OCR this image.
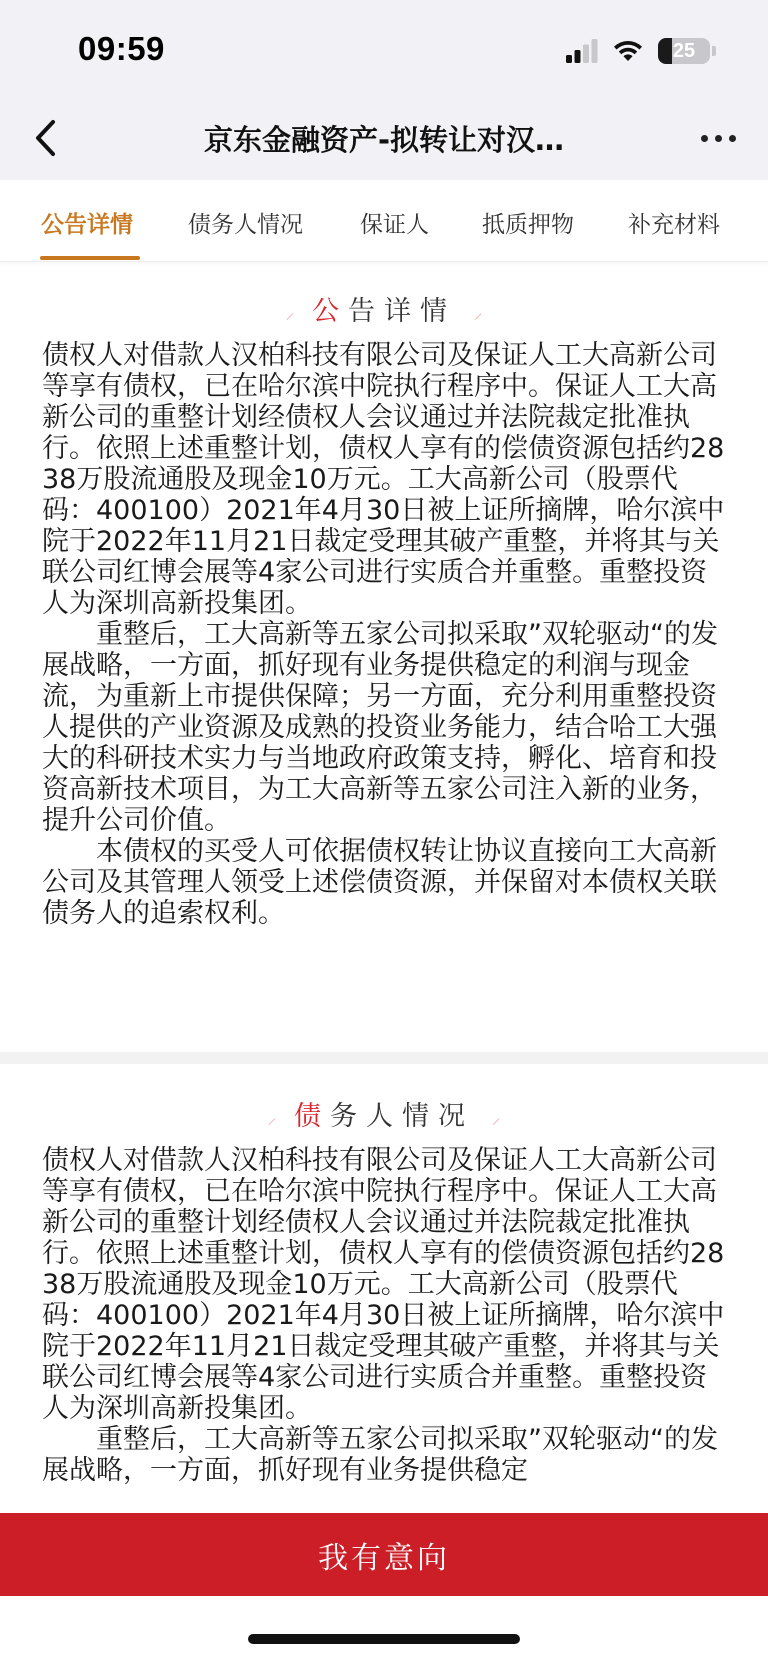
09:59	25
京东金融资产-拟转让对汉…
公告详情 债务人情况 保证人 抵质押物 补充材料
⸝ 公告详情 ⸝
债权人对借款人汉柏科技有限公司及保证人工大高新公司等享有债权，已在哈尔滨中院执行程序中。保证人工大高新公司的重整计划经债权人会议通过并法院裁定批准执行。依照上述重整计划，债权人享有的偿债资源包括约2838万股流通股及现金10万元。工大高新公司（股票代码：400100）2021年4月30日被上证所摘牌，哈尔滨中院于2022年11月21日裁定受理其破产重整，并将其与关联公司红博会展等4家公司进行实质合并重整。重整投资人为深圳高新投集团。
　　重整后，工大高新等五家公司拟采取”双轮驱动“的发展战略，一方面，抓好现有业务提供稳定的利润与现金流，为重新上市提供保障；另一方面，充分利用重整投资人提供的产业资源及成熟的投资业务能力，结合哈工大强大的科研技术实力与当地政府政策支持，孵化、培育和投资高新技术项目，为工大高新等五家公司注入新的业务，提升公司价值。
　　本债权的买受人可依据债权转让协议直接向工大高新公司及其管理人领受上述偿债资源，并保留对本债权关联债务人的追索权利。
⸝ 债务人情况 ⸝
债权人对借款人汉柏科技有限公司及保证人工大高新公司等享有债权，已在哈尔滨中院执行程序中。保证人工大高新公司的重整计划经债权人会议通过并法院裁定批准执行。依照上述重整计划，债权人享有的偿债资源包括约2838万股流通股及现金10万元。工大高新公司（股票代码：400100）2021年4月30日被上证所摘牌，哈尔滨中院于2022年11月21日裁定受理其破产重整，并将其与关联公司红博会展等4家公司进行实质合并重整。重整投资人为深圳高新投集团。
　　重整后，工大高新等五家公司拟采取”双轮驱动“的发展战略，一方面，抓好现有业务提供稳定
我有意向
